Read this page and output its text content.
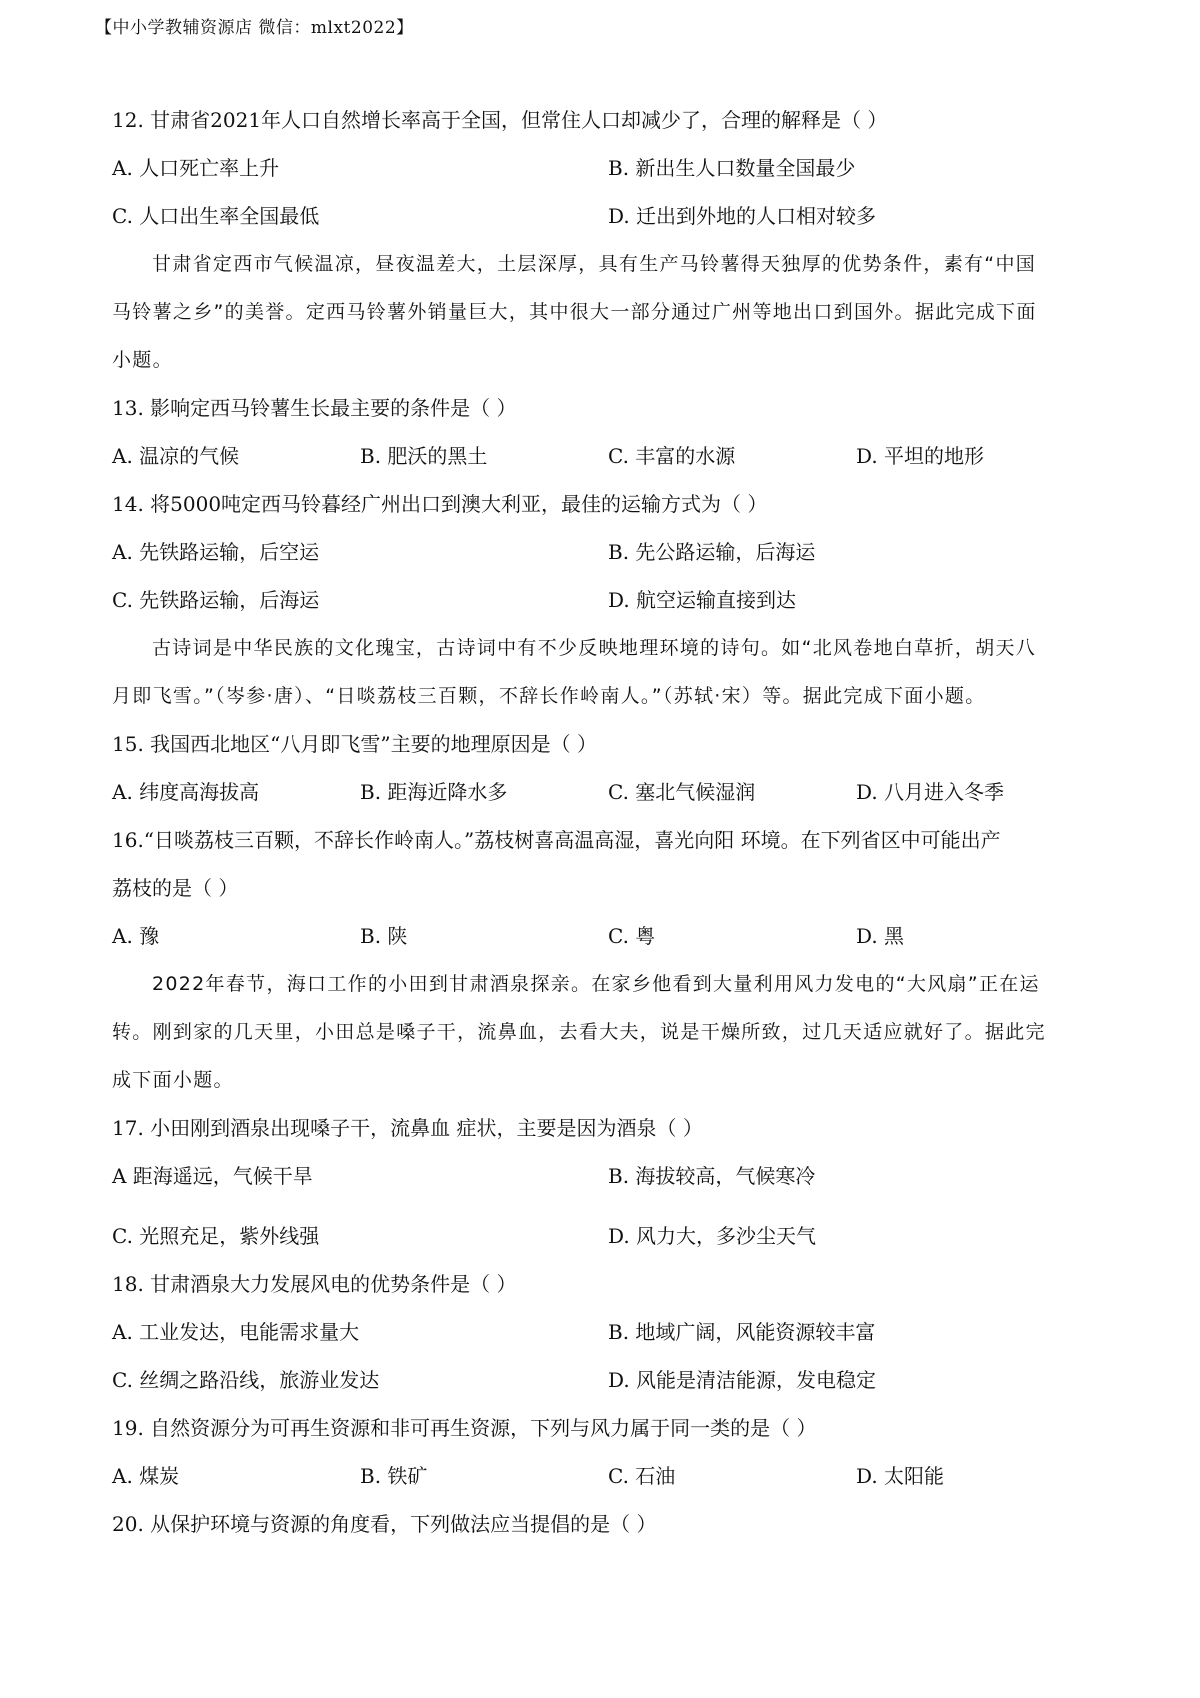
【中小学教辅资源店 微信：mlxt2022】
12. 甘肃省2021年人口自然增长率高于全国，但常住人口却减少了，合理的解释是（ ）
A. 人口死亡率上升	B. 新出生人口数量全国最少
C. 人口出生率全国最低	D. 迁出到外地的人口相对较多
甘肃省定西市气候温凉，昼夜温差大，土层深厚，具有生产马铃薯得天独厚的优势条件，素有“中国
马铃薯之乡”的美誉。定西马铃薯外销量巨大，其中很大一部分通过广州等地出口到国外。据此完成下面
小题。
13. 影响定西马铃薯生长最主要的条件是（ ）
A. 温凉的气候	B. 肥沃的黑土	C. 丰富的水源	D. 平坦的地形
14. 将5000吨定西马铃暮经广州出口到澳大利亚，最佳的运输方式为（ ）
A. 先铁路运输，后空运	B. 先公路运输，后海运
C. 先铁路运输，后海运	D. 航空运输直接到达
古诗词是中华民族的文化瑰宝，古诗词中有不少反映地理环境的诗句。如“北风卷地白草折，胡天八
月即飞雪。”（岑参·唐）、“日啖荔枝三百颗，不辞长作岭南人。”（苏轼·宋）等。据此完成下面小题。
15. 我国西北地区“八月即飞雪”主要的地理原因是（ ）
A. 纬度高海拔高	B. 距海近降水多	C. 塞北气候湿润	D. 八月进入冬季
16.“日啖荔枝三百颗，不辞长作岭南人。”荔枝树喜高温高湿，喜光向阳 环境。在下列省区中可能出产
荔枝的是（ ）
A. 豫	B. 陕	C. 粤	D. 黑
2022年春节，海口工作的小田到甘肃酒泉探亲。在家乡他看到大量利用风力发电的“大风扇”正在运
转。刚到家的几天里，小田总是嗓子干，流鼻血，去看大夫，说是干燥所致，过几天适应就好了。据此完
成下面小题。
17. 小田刚到酒泉出现嗓子干，流鼻血 症状，主要是因为酒泉（ ）
A 距海遥远，气候干旱	B. 海拔较高，气候寒冷
C. 光照充足，紫外线强	D. 风力大，多沙尘天气
18. 甘肃酒泉大力发展风电的优势条件是（ ）
A. 工业发达，电能需求量大	B. 地域广阔，风能资源较丰富
C. 丝绸之路沿线，旅游业发达	D. 风能是清洁能源，发电稳定
19. 自然资源分为可再生资源和非可再生资源，下列与风力属于同一类的是（ ）
A. 煤炭	B. 铁矿	C. 石油	D. 太阳能
20. 从保护环境与资源的角度看，下列做法应当提倡的是（ ）
